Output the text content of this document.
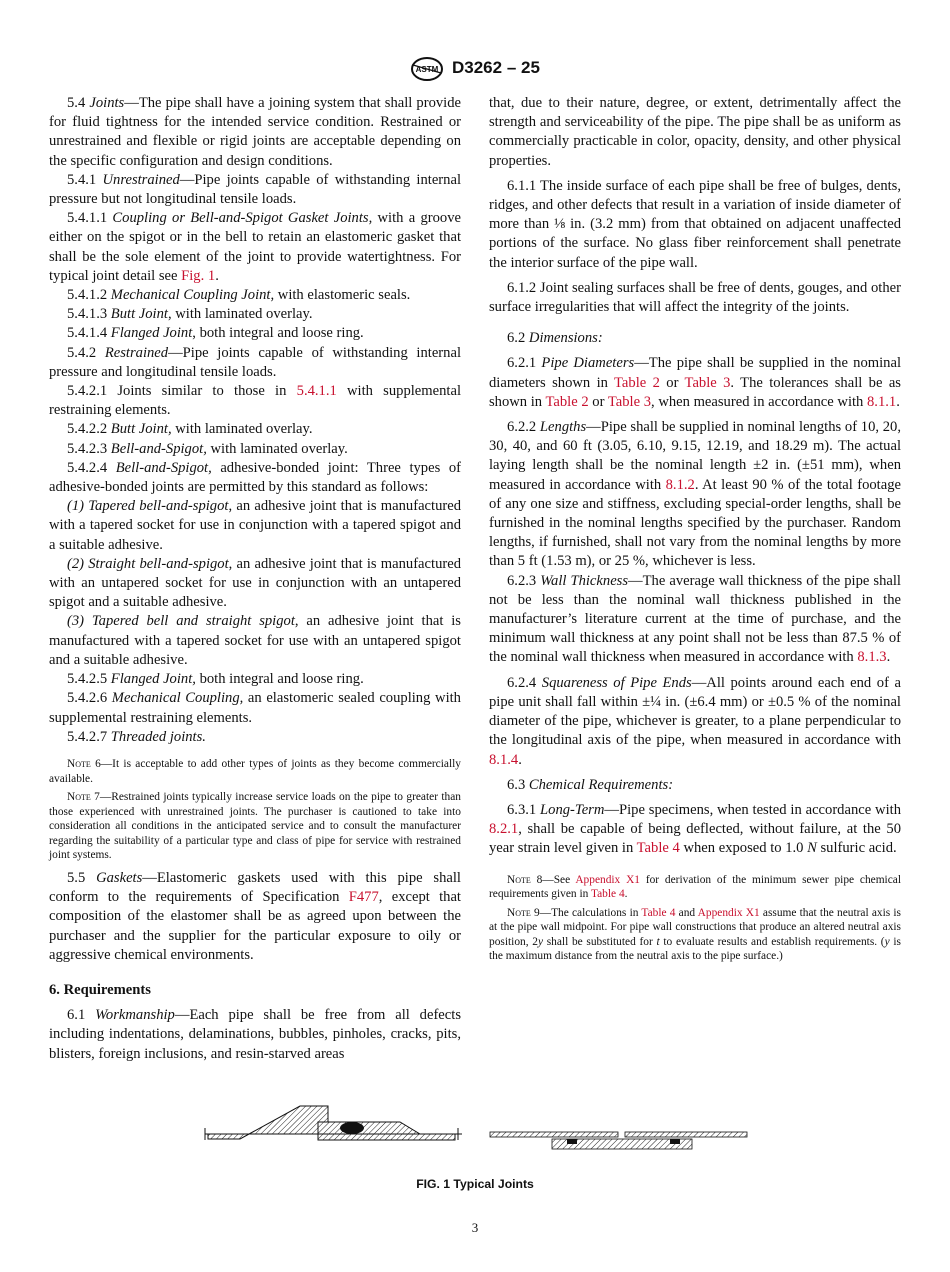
ASTM D3262 – 25

5.4 Joints—The pipe shall have a joining system that shall provide for fluid tightness for the intended service condition. Restrained or unrestrained and flexible or rigid joints are acceptable depending on the specific configuration and design conditions.

5.4.1 Unrestrained—Pipe joints capable of withstanding internal pressure but not longitudinal tensile loads.

5.4.1.1 Coupling or Bell-and-Spigot Gasket Joints, with a groove either on the spigot or in the bell to retain an elastomeric gasket that shall be the sole element of the joint to provide watertightness. For typical joint detail see Fig. 1.

5.4.1.2 Mechanical Coupling Joint, with elastomeric seals.

5.4.1.3 Butt Joint, with laminated overlay.

5.4.1.4 Flanged Joint, both integral and loose ring.

5.4.2 Restrained—Pipe joints capable of withstanding internal pressure and longitudinal tensile loads.

5.4.2.1 Joints similar to those in 5.4.1.1 with supplemental restraining elements.

5.4.2.2 Butt Joint, with laminated overlay.

5.4.2.3 Bell-and-Spigot, with laminated overlay.

5.4.2.4 Bell-and-Spigot, adhesive-bonded joint: Three types of adhesive-bonded joints are permitted by this standard as follows:

(1) Tapered bell-and-spigot, an adhesive joint that is manufactured with a tapered socket for use in conjunction with a tapered spigot and a suitable adhesive.

(2) Straight bell-and-spigot, an adhesive joint that is manufactured with an untapered socket for use in conjunction with an untapered spigot and a suitable adhesive.

(3) Tapered bell and straight spigot, an adhesive joint that is manufactured with a tapered socket for use with an untapered spigot and a suitable adhesive.

5.4.2.5 Flanged Joint, both integral and loose ring.

5.4.2.6 Mechanical Coupling, an elastomeric sealed coupling with supplemental restraining elements.

5.4.2.7 Threaded joints.

Note 6—It is acceptable to add other types of joints as they become commercially available.

Note 7—Restrained joints typically increase service loads on the pipe to greater than those experienced with unrestrained joints. The purchaser is cautioned to take into consideration all conditions in the anticipated service and to consult the manufacturer regarding the suitability of a particular type and class of pipe for service with restrained joint systems.

5.5 Gaskets—Elastomeric gaskets used with this pipe shall conform to the requirements of Specification F477, except that composition of the elastomer shall be as agreed upon between the purchaser and the supplier for the particular exposure to oily or aggressive chemical environments.

6. Requirements

6.1 Workmanship—Each pipe shall be free from all defects including indentations, delaminations, bubbles, pinholes, cracks, pits, blisters, foreign inclusions, and resin-starved areas

that, due to their nature, degree, or extent, detrimentally affect the strength and serviceability of the pipe. The pipe shall be as uniform as commercially practicable in color, opacity, density, and other physical properties.

6.1.1 The inside surface of each pipe shall be free of bulges, dents, ridges, and other defects that result in a variation of inside diameter of more than ⅛ in. (3.2 mm) from that obtained on adjacent unaffected portions of the surface. No glass fiber reinforcement shall penetrate the interior surface of the pipe wall.

6.1.2 Joint sealing surfaces shall be free of dents, gouges, and other surface irregularities that will affect the integrity of the joints.

6.2 Dimensions:

6.2.1 Pipe Diameters—The pipe shall be supplied in the nominal diameters shown in Table 2 or Table 3. The tolerances shall be as shown in Table 2 or Table 3, when measured in accordance with 8.1.1.

6.2.2 Lengths—Pipe shall be supplied in nominal lengths of 10, 20, 30, 40, and 60 ft (3.05, 6.10, 9.15, 12.19, and 18.29 m). The actual laying length shall be the nominal length ±2 in. (±51 mm), when measured in accordance with 8.1.2. At least 90 % of the total footage of any one size and stiffness, excluding special-order lengths, shall be furnished in the nominal lengths specified by the purchaser. Random lengths, if furnished, shall not vary from the nominal lengths by more than 5 ft (1.53 m), or 25 %, whichever is less.

6.2.3 Wall Thickness—The average wall thickness of the pipe shall not be less than the nominal wall thickness published in the manufacturer’s literature current at the time of purchase, and the minimum wall thickness at any point shall not be less than 87.5 % of the nominal wall thickness when measured in accordance with 8.1.3.

6.2.4 Squareness of Pipe Ends—All points around each end of a pipe unit shall fall within ±¼ in. (±6.4 mm) or ±0.5 % of the nominal diameter of the pipe, whichever is greater, to a plane perpendicular to the longitudinal axis of the pipe, when measured in accordance with 8.1.4.

6.3 Chemical Requirements:

6.3.1 Long-Term—Pipe specimens, when tested in accordance with 8.2.1, shall be capable of being deflected, without failure, at the 50 year strain level given in Table 4 when exposed to 1.0 N sulfuric acid.

Note 8—See Appendix X1 for derivation of the minimum sewer pipe chemical requirements given in Table 4.

Note 9—The calculations in Table 4 and Appendix X1 assume that the neutral axis is at the pipe wall midpoint. For pipe wall constructions that produce an altered neutral axis position, 2y shall be substituted for t to evaluate results and establish requirements. (y is the maximum distance from the neutral axis to the pipe surface.)

FIG. 1 Typical Joints
3
